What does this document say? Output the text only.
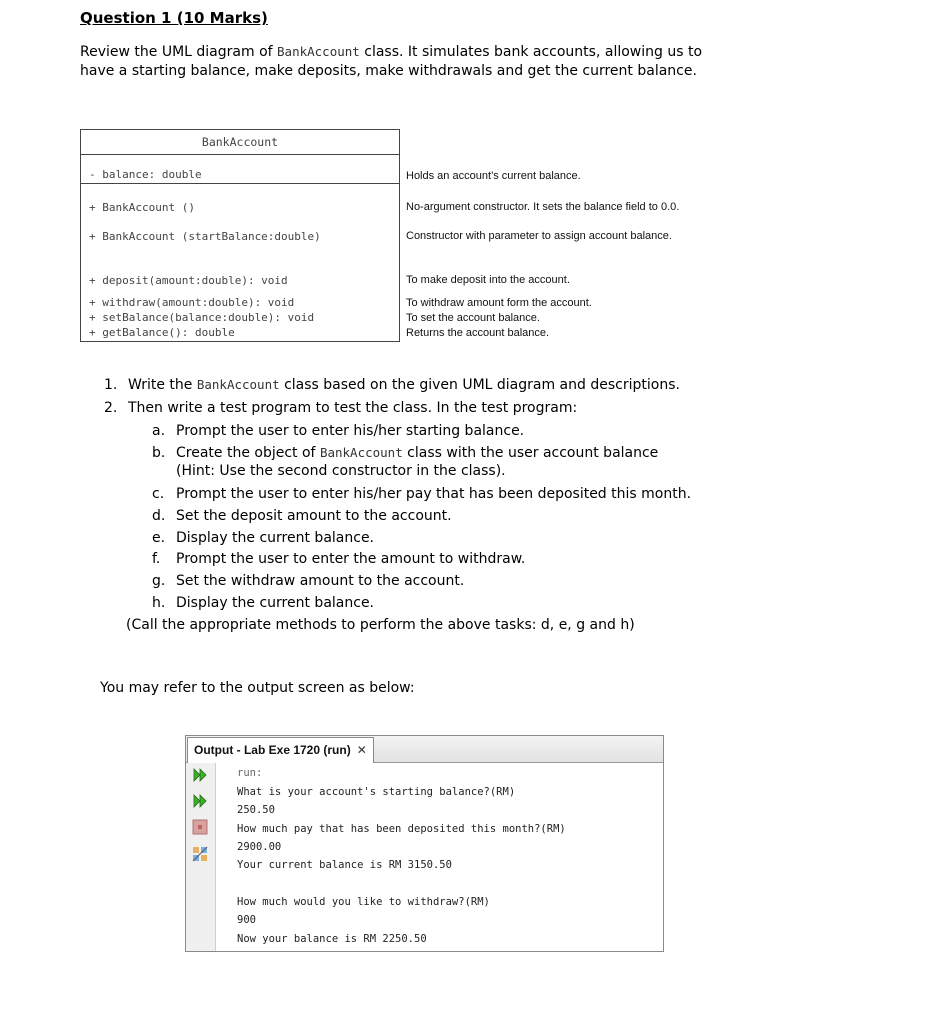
Question 1 (10 Marks)
Review the UML diagram of BankAccount class. It simulates bank accounts, allowing us to have a starting balance, make deposits, make withdrawals and get the current balance.
BankAccount
- balance: double
+ BankAccount ()
+ BankAccount (startBalance:double)
+ deposit(amount:double): void
+ withdraw(amount:double): void
+ setBalance(balance:double): void
+ getBalance(): double
Holds an account’s current balance.
No-argument constructor. It sets the balance field to 0.0.
Constructor with parameter to assign account balance.
To make deposit into the account.
To withdraw amount form the account.
To set the account balance.
Returns the account balance.
1. Write the BankAccount class based on the given UML diagram and descriptions.
2. Then write a test program to test the class. In the test program:
a. Prompt the user to enter his/her starting balance.
b. Create the object of BankAccount class with the user account balance
(Hint: Use the second constructor in the class).
c. Prompt the user to enter his/her pay that has been deposited this month.
d. Set the deposit amount to the account.
e. Display the current balance.
f. Prompt the user to enter the amount to withdraw.
g. Set the withdraw amount to the account.
h. Display the current balance.
(Call the appropriate methods to perform the above tasks: d, e, g and h)
You may refer to the output screen as below:
Output - Lab Exe 1720 (run) ✕
run:
What is your account's starting balance?(RM)
250.50
How much pay that has been deposited this month?(RM)
2900.00
Your current balance is RM 3150.50
How much would you like to withdraw?(RM)
900
Now your balance is RM 2250.50
